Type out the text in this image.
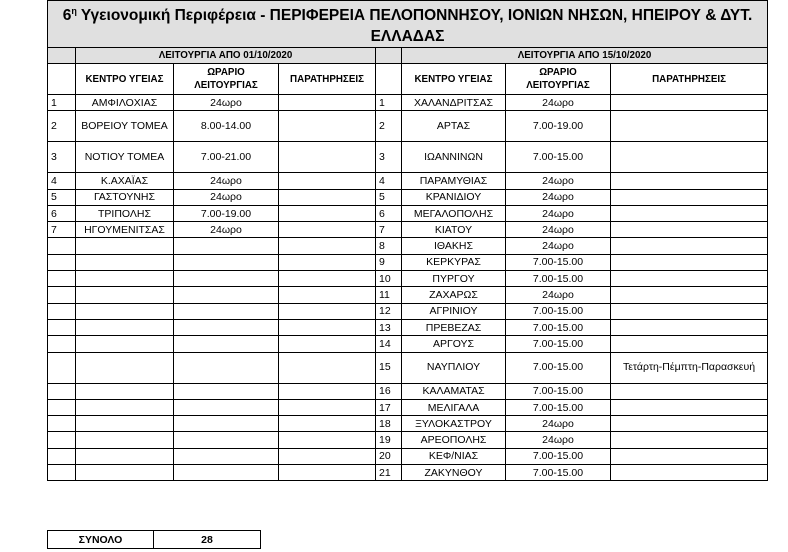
$6^\eta$ Υγειονομική Περιφέρεια - ΠΕΡΙΦΕΡΕΙΑ ΠΕΛΟΠΟΝΝΗΣΟΥ, ΙΟΝΙΩΝ ΝΗΣΩΝ, ΗΠΕΙΡΟΥ & ΔΥΤ. ΕΛΛΑΔΑΣ							
	ΛΕΙΤΟΥΡΓΙΑ ΑΠΟ 01/10/2020				ΛΕΙΤΟΥΡΓΙΑ ΑΠΟ 15/10/2020		
	ΚΕΝΤΡΟ ΥΓΕΙΑΣ	ΩΡΑΡΙΟ ΛΕΙΤΟΥΡΓΙΑΣ	ΠΑΡΑΤΗΡΗΣΕΙΣ		ΚΕΝΤΡΟ ΥΓΕΙΑΣ	ΩΡΑΡΙΟ ΛΕΙΤΟΥΡΓΙΑΣ	ΠΑΡΑΤΗΡΗΣΕΙΣ
1	ΑΜΦΙΛΟΧΙΑΣ	24ωρο		1	ΧΑΛΑΝΔΡΙΤΣΑΣ	24ωρο	
2	ΒΟΡΕΙΟΥ ΤΟΜΕΑ	8.00-14.00		2	ΑΡΤΑΣ	7.00-19.00	
3	ΝΟΤΙΟΥ ΤΟΜΕΑ	7.00-21.00		3	ΙΩΑΝΝΙΝΩΝ	7.00-15.00	
4	Κ.ΑΧΑΪΑΣ	24ωρο		4	ΠΑΡΑΜΥΘΙΑΣ	24ωρο	
5	ΓΑΣΤΟΥΝΗΣ	24ωρο		5	ΚΡΑΝΙΔΙΟΥ	24ωρο	
6	ΤΡΙΠΟΛΗΣ	7.00-19.00		6	ΜΕΓΑΛΟΠΟΛΗΣ	24ωρο	
7	ΗΓΟΥΜΕΝΙΤΣΑΣ	24ωρο		7	ΚΙΑΤΟΥ	24ωρο	
				8	ΙΘΑΚΗΣ	24ωρο	
				9	ΚΕΡΚΥΡΑΣ	7.00-15.00	
				10	ΠΥΡΓΟΥ	7.00-15.00	
				11	ΖΑΧΑΡΩΣ	24ωρο	
				12	ΑΓΡΙΝΙΟΥ	7.00-15.00	
				13	ΠΡΕΒΕΖΑΣ	7.00-15.00	
				14	ΑΡΓΟΥΣ	7.00-15.00	
				15	ΝΑΥΠΛΙΟΥ	7.00-15.00	Τετάρτη-Πέμπτη-Παρασκευή
				16	ΚΑΛΑΜΑΤΑΣ	7.00-15.00	
				17	ΜΕΛΙΓΑΛΑ	7.00-15.00	
				18	ΞΥΛΟΚΑΣΤΡΟΥ	24ωρο	
				19	ΑΡΕΟΠΟΛΗΣ	24ωρο	
				20	ΚΕΦ/ΝΙΑΣ	7.00-15.00	
				21	ΖΑΚΥΝΘΟΥ	7.00-15.00	
ΣΥΝΟΛΟ	28
